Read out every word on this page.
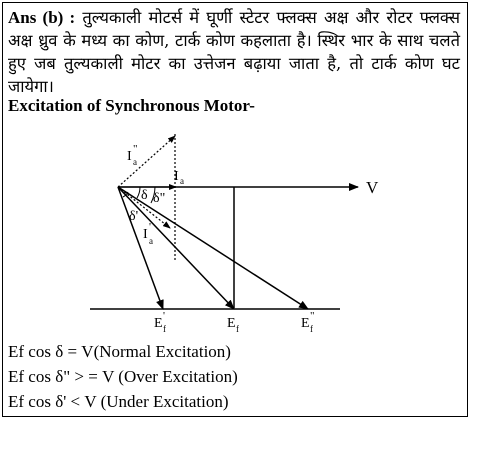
Ans (b) : तुल्यकाली मोटर्स में घूर्णी स्टेटर फ्लक्स अक्ष और रोटर फ्लक्स अक्ष ध्रुव के मध्य का कोण, टार्क कोण कहलाता है। स्थिर भार के साथ चलते हुए जब तुल्यकाली मोटर का उत्तेजन बढ़ाया जाता है, तो टार्क कोण घट जायेगा।
Excitation of Synchronous Motor-
V
I "
a
I a
δ δ"
δ'
I '
a
E '
f	E f	E "
f
Ef cos δ = V(Normal Excitation)
Ef cos δ" > = V (Over Excitation)
Ef cos δ' < V (Under Excitation)
